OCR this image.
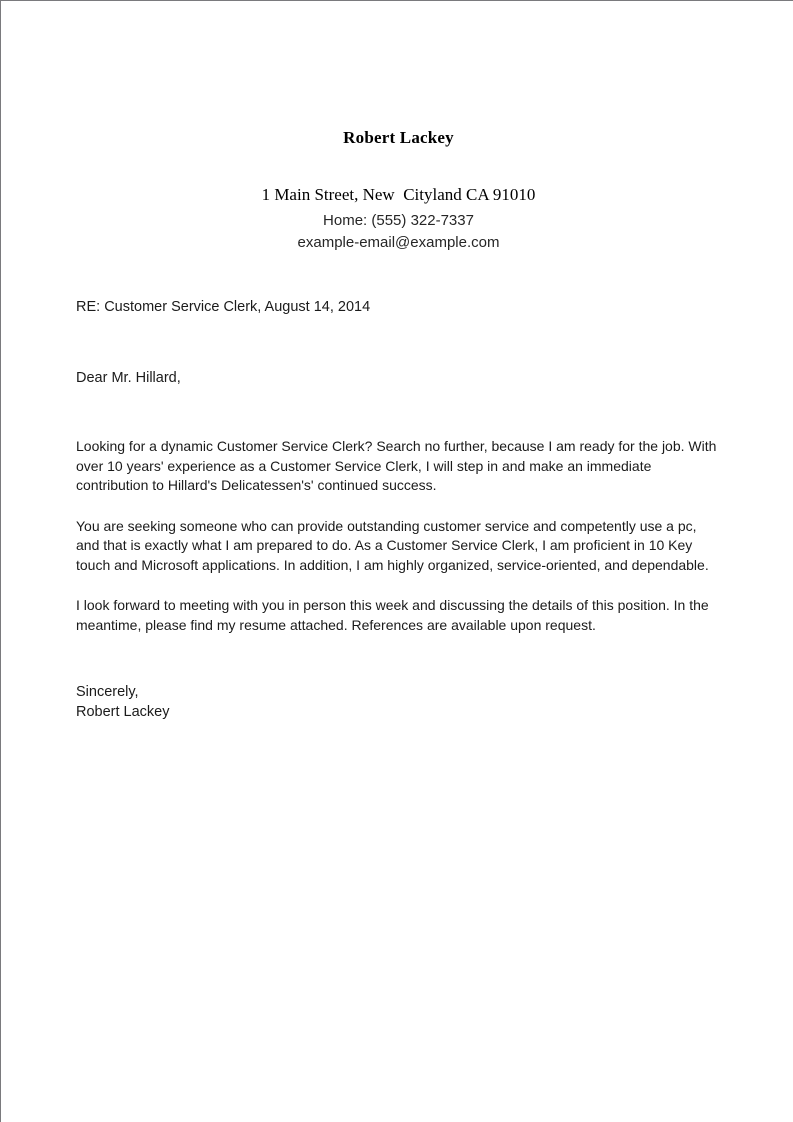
Robert Lackey
1 Main Street, New  Cityland CA 91010
Home: (555) 322-7337
example-email@example.com
RE: Customer Service Clerk, August 14, 2014
Dear Mr. Hillard,

Looking for a dynamic Customer Service Clerk? Search no further, because I am ready for the job. With over 10 years' experience as a Customer Service Clerk, I will step in and make an immediate contribution to Hillard's Delicatessen's' continued success.

You are seeking someone who can provide outstanding customer service and competently use a pc, and that is exactly what I am prepared to do. As a Customer Service Clerk, I am proficient in 10 Key touch and Microsoft applications. In addition, I am highly organized, service-oriented, and dependable.

I look forward to meeting with you in person this week and discussing the details of this position. In the meantime, please find my resume attached. References are available upon request.

Sincerely,
Robert Lackey
